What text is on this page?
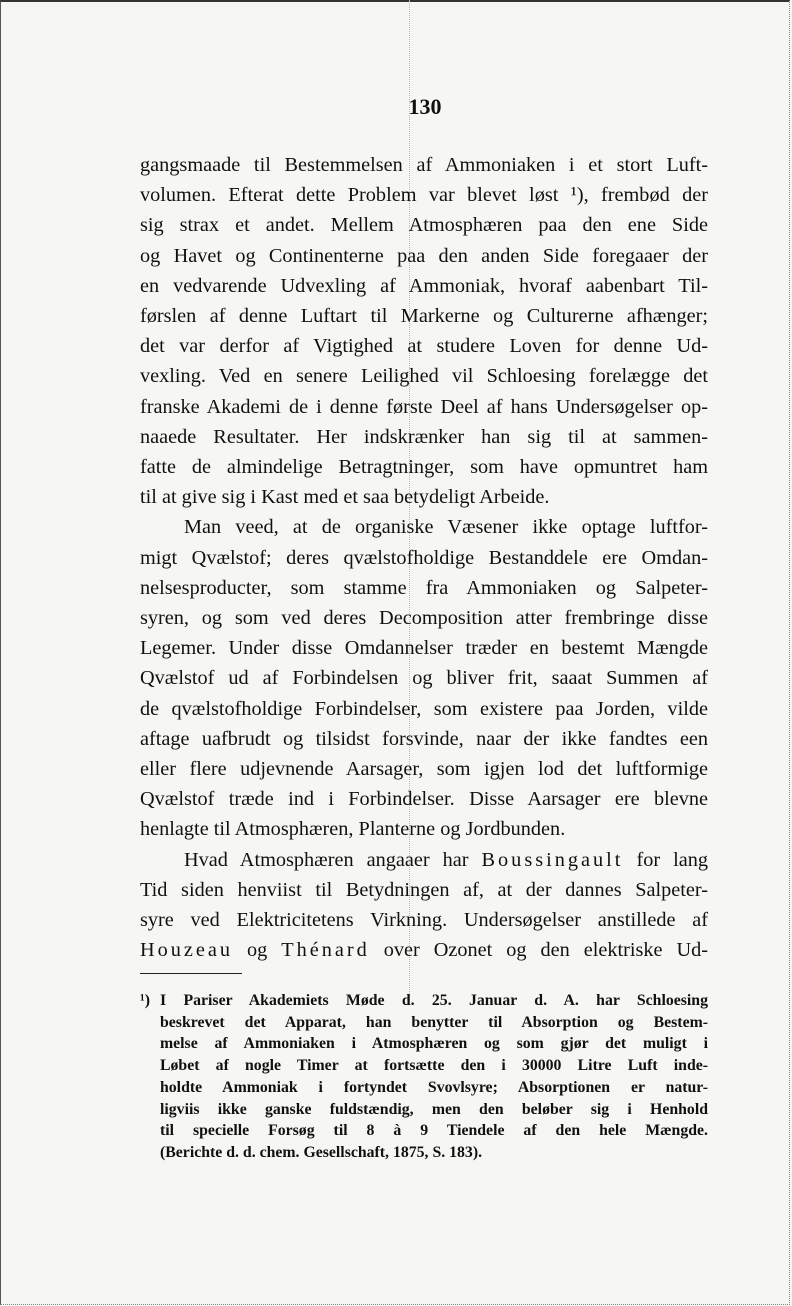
130
gangsmaade til Bestemmelsen af Ammoniaken i et stort Luft-
volumen. Efterat dette Problem var blevet løst ¹), frembød der
sig strax et andet. Mellem Atmosphæren paa den ene Side
og Havet og Continenterne paa den anden Side foregaaer der
en vedvarende Udvexling af Ammoniak, hvoraf aabenbart Til-
førslen af denne Luftart til Markerne og Culturerne afhænger;
det var derfor af Vigtighed at studere Loven for denne Ud-
vexling. Ved en senere Leilighed vil Schloesing forelægge det
franske Akademi de i denne første Deel af hans Undersøgelser op-
naaede Resultater. Her indskrænker han sig til at sammen-
fatte de almindelige Betragtninger, som have opmuntret ham
til at give sig i Kast med et saa betydeligt Arbeide.
Man veed, at de organiske Væsener ikke optage luftfor-
migt Qvælstof; deres qvælstofholdige Bestanddele ere Omdan-
nelsesproducter, som stamme fra Ammoniaken og Salpeter-
syren, og som ved deres Decomposition atter frembringe disse
Legemer. Under disse Omdannelser træder en bestemt Mængde
Qvælstof ud af Forbindelsen og bliver frit, saaat Summen af
de qvælstofholdige Forbindelser, som existere paa Jorden, vilde
aftage uafbrudt og tilsidst forsvinde, naar der ikke fandtes een
eller flere udjevnende Aarsager, som igjen lod det luftformige
Qvælstof træde ind i Forbindelser. Disse Aarsager ere blevne
henlagte til Atmosphæren, Planterne og Jordbunden.
Hvad Atmosphæren angaaer har Boussingault for lang
Tid siden henviist til Betydningen af, at der dannes Salpeter-
syre ved Elektricitetens Virkning. Undersøgelser anstillede af
Houzeau og Thénard over Ozonet og den elektriske Ud-
¹) I Pariser Akademiets Møde d. 25. Januar d. A. har Schloesing
beskrevet det Apparat, han benytter til Absorption og Bestem-
melse af Ammoniaken i Atmosphæren og som gjør det muligt i
Løbet af nogle Timer at fortsætte den i 30000 Litre Luft inde-
holdte Ammoniak i fortyndet Svovlsyre; Absorptionen er natur-
ligviis ikke ganske fuldstændig, men den beløber sig i Henhold
til specielle Forsøg til 8 à 9 Tiendele af den hele Mængde.
(Berichte d. d. chem. Gesellschaft, 1875, S. 183).
